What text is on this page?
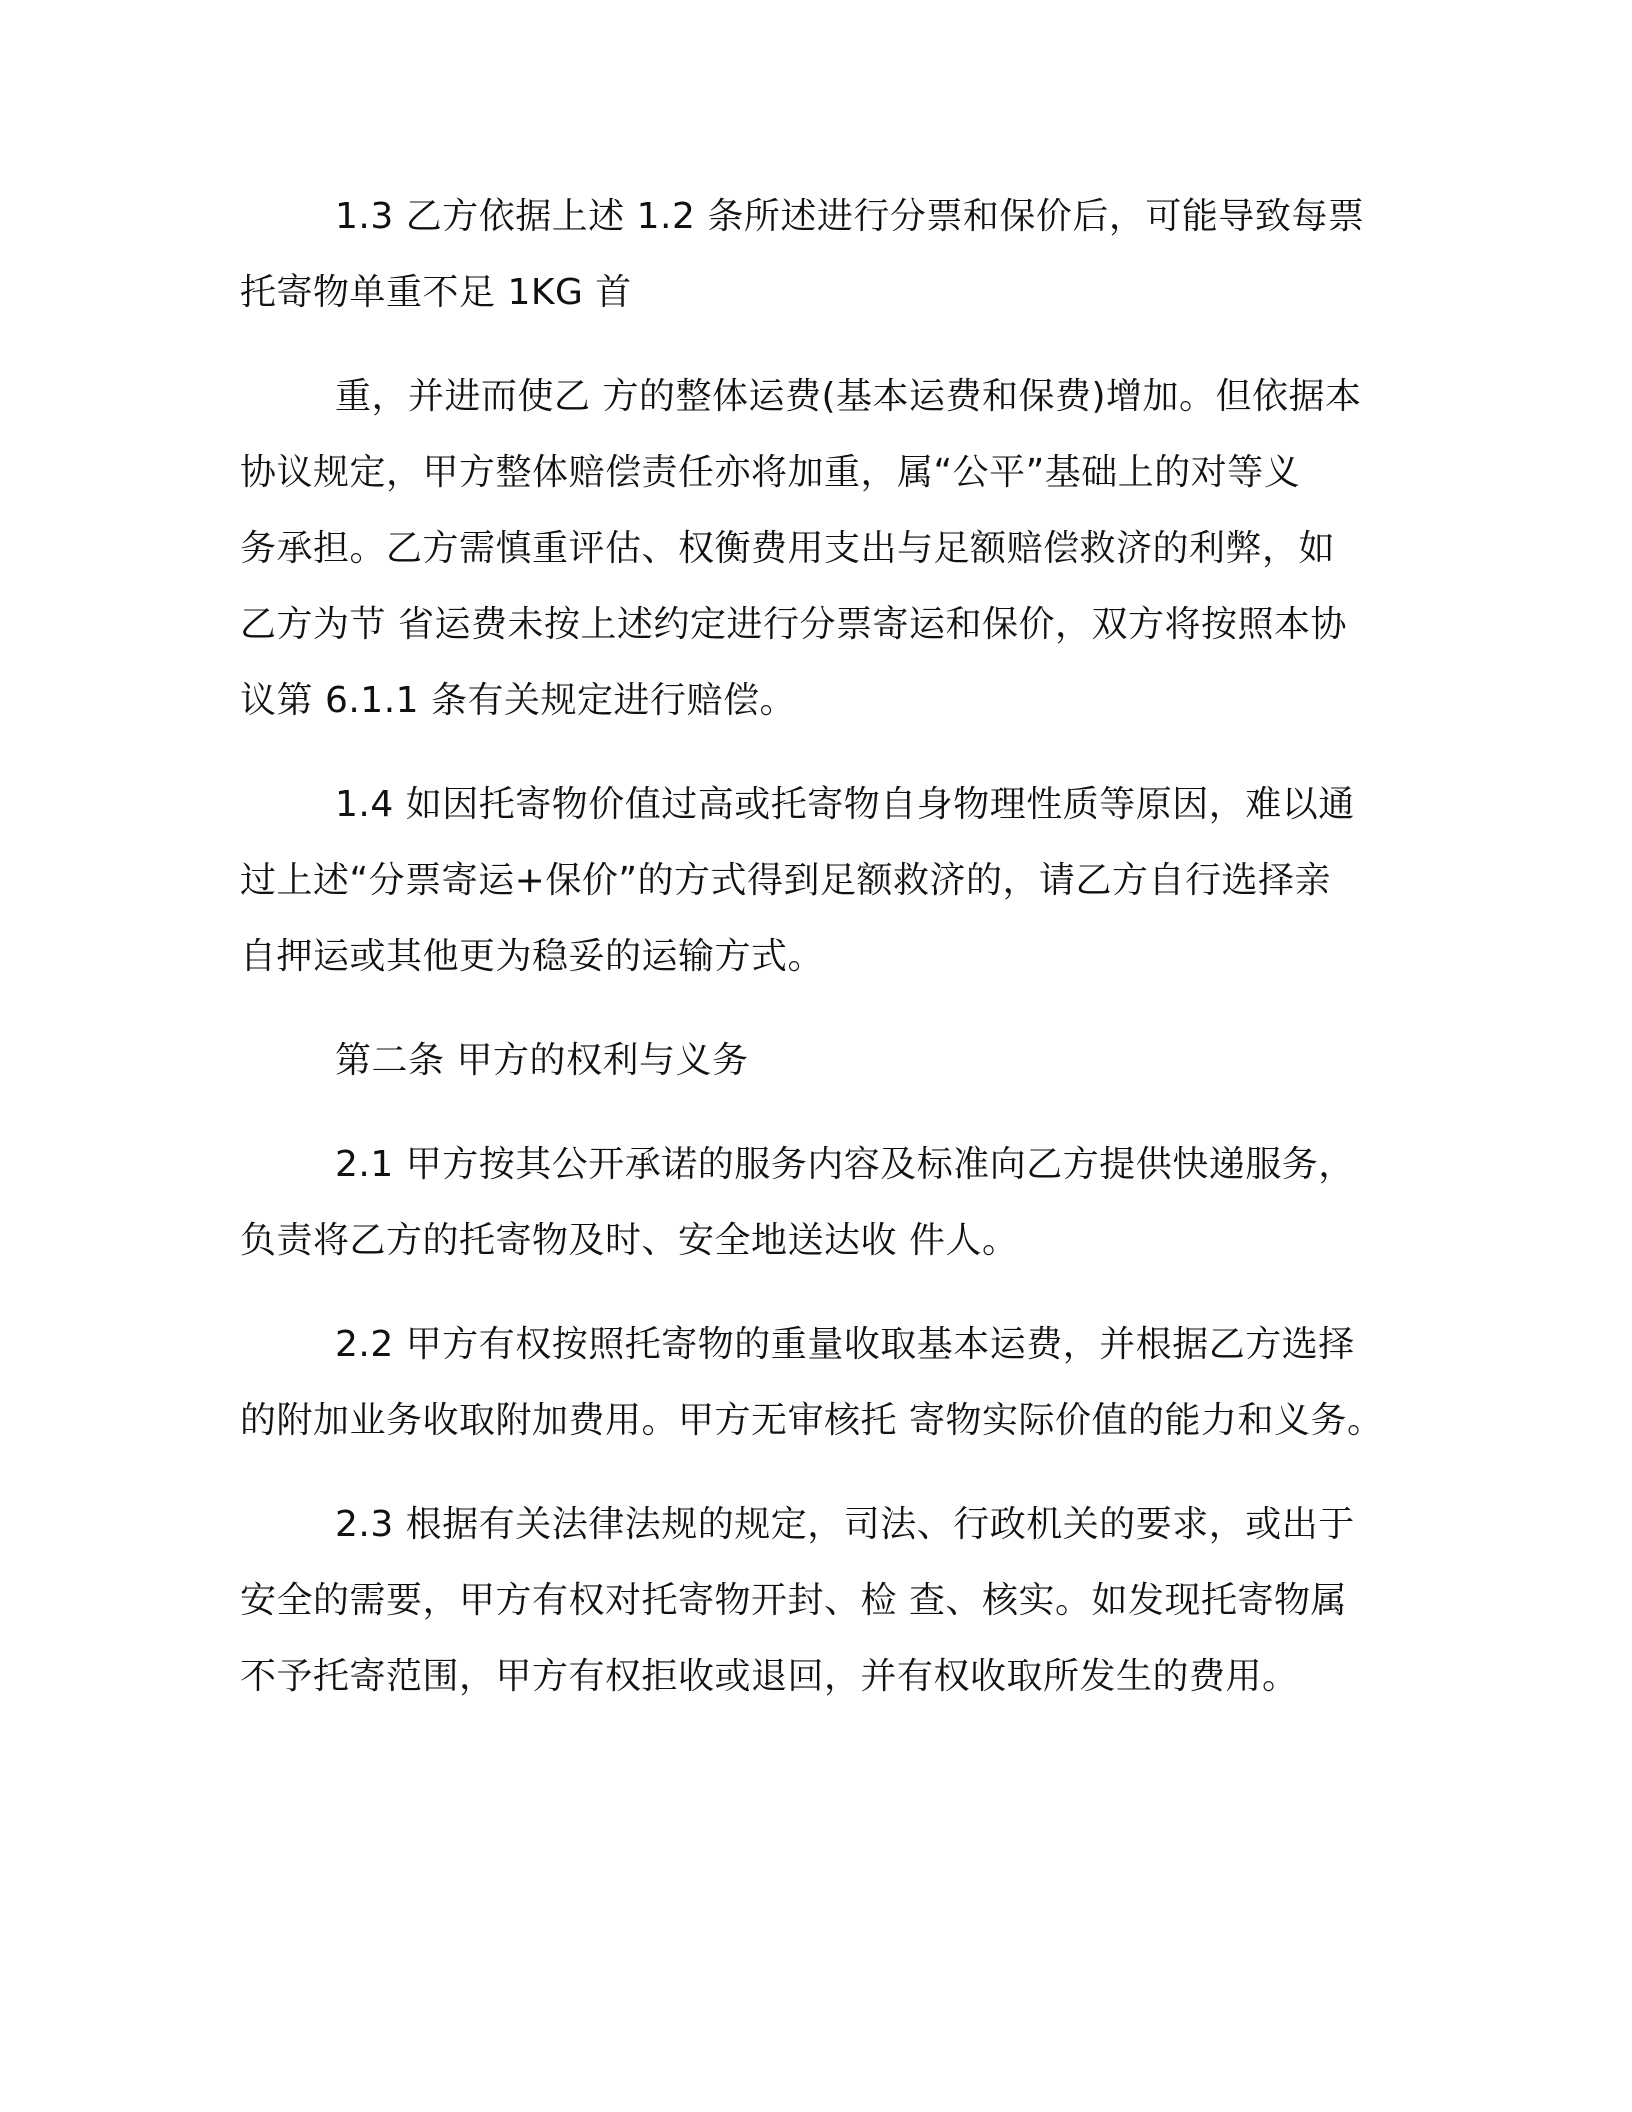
1.3 乙方依据上述 1.2 条所述进行分票和保价后，可能导致每票
托寄物单重不足 1KG 首
重，并进而使乙 方的整体运费(基本运费和保费)增加。但依据本
协议规定，甲方整体赔偿责任亦将加重，属“公平”基础上的对等义
务承担。乙方需慎重评估、权衡费用支出与足额赔偿救济的利弊，如
乙方为节 省运费未按上述约定进行分票寄运和保价，双方将按照本协
议第 6.1.1 条有关规定进行赔偿。
1.4 如因托寄物价值过高或托寄物自身物理性质等原因，难以通
过上述“分票寄运+保价”的方式得到足额救济的，请乙方自行选择亲
自押运或其他更为稳妥的运输方式。
第二条 甲方的权利与义务
2.1 甲方按其公开承诺的服务内容及标准向乙方提供快递服务，
负责将乙方的托寄物及时、安全地送达收 件人。
2.2 甲方有权按照托寄物的重量收取基本运费，并根据乙方选择
的附加业务收取附加费用。甲方无审核托 寄物实际价值的能力和义务。
2.3 根据有关法律法规的规定，司法、行政机关的要求，或出于
安全的需要，甲方有权对托寄物开封、检 查、核实。如发现托寄物属
不予托寄范围，甲方有权拒收或退回，并有权收取所发生的费用。
